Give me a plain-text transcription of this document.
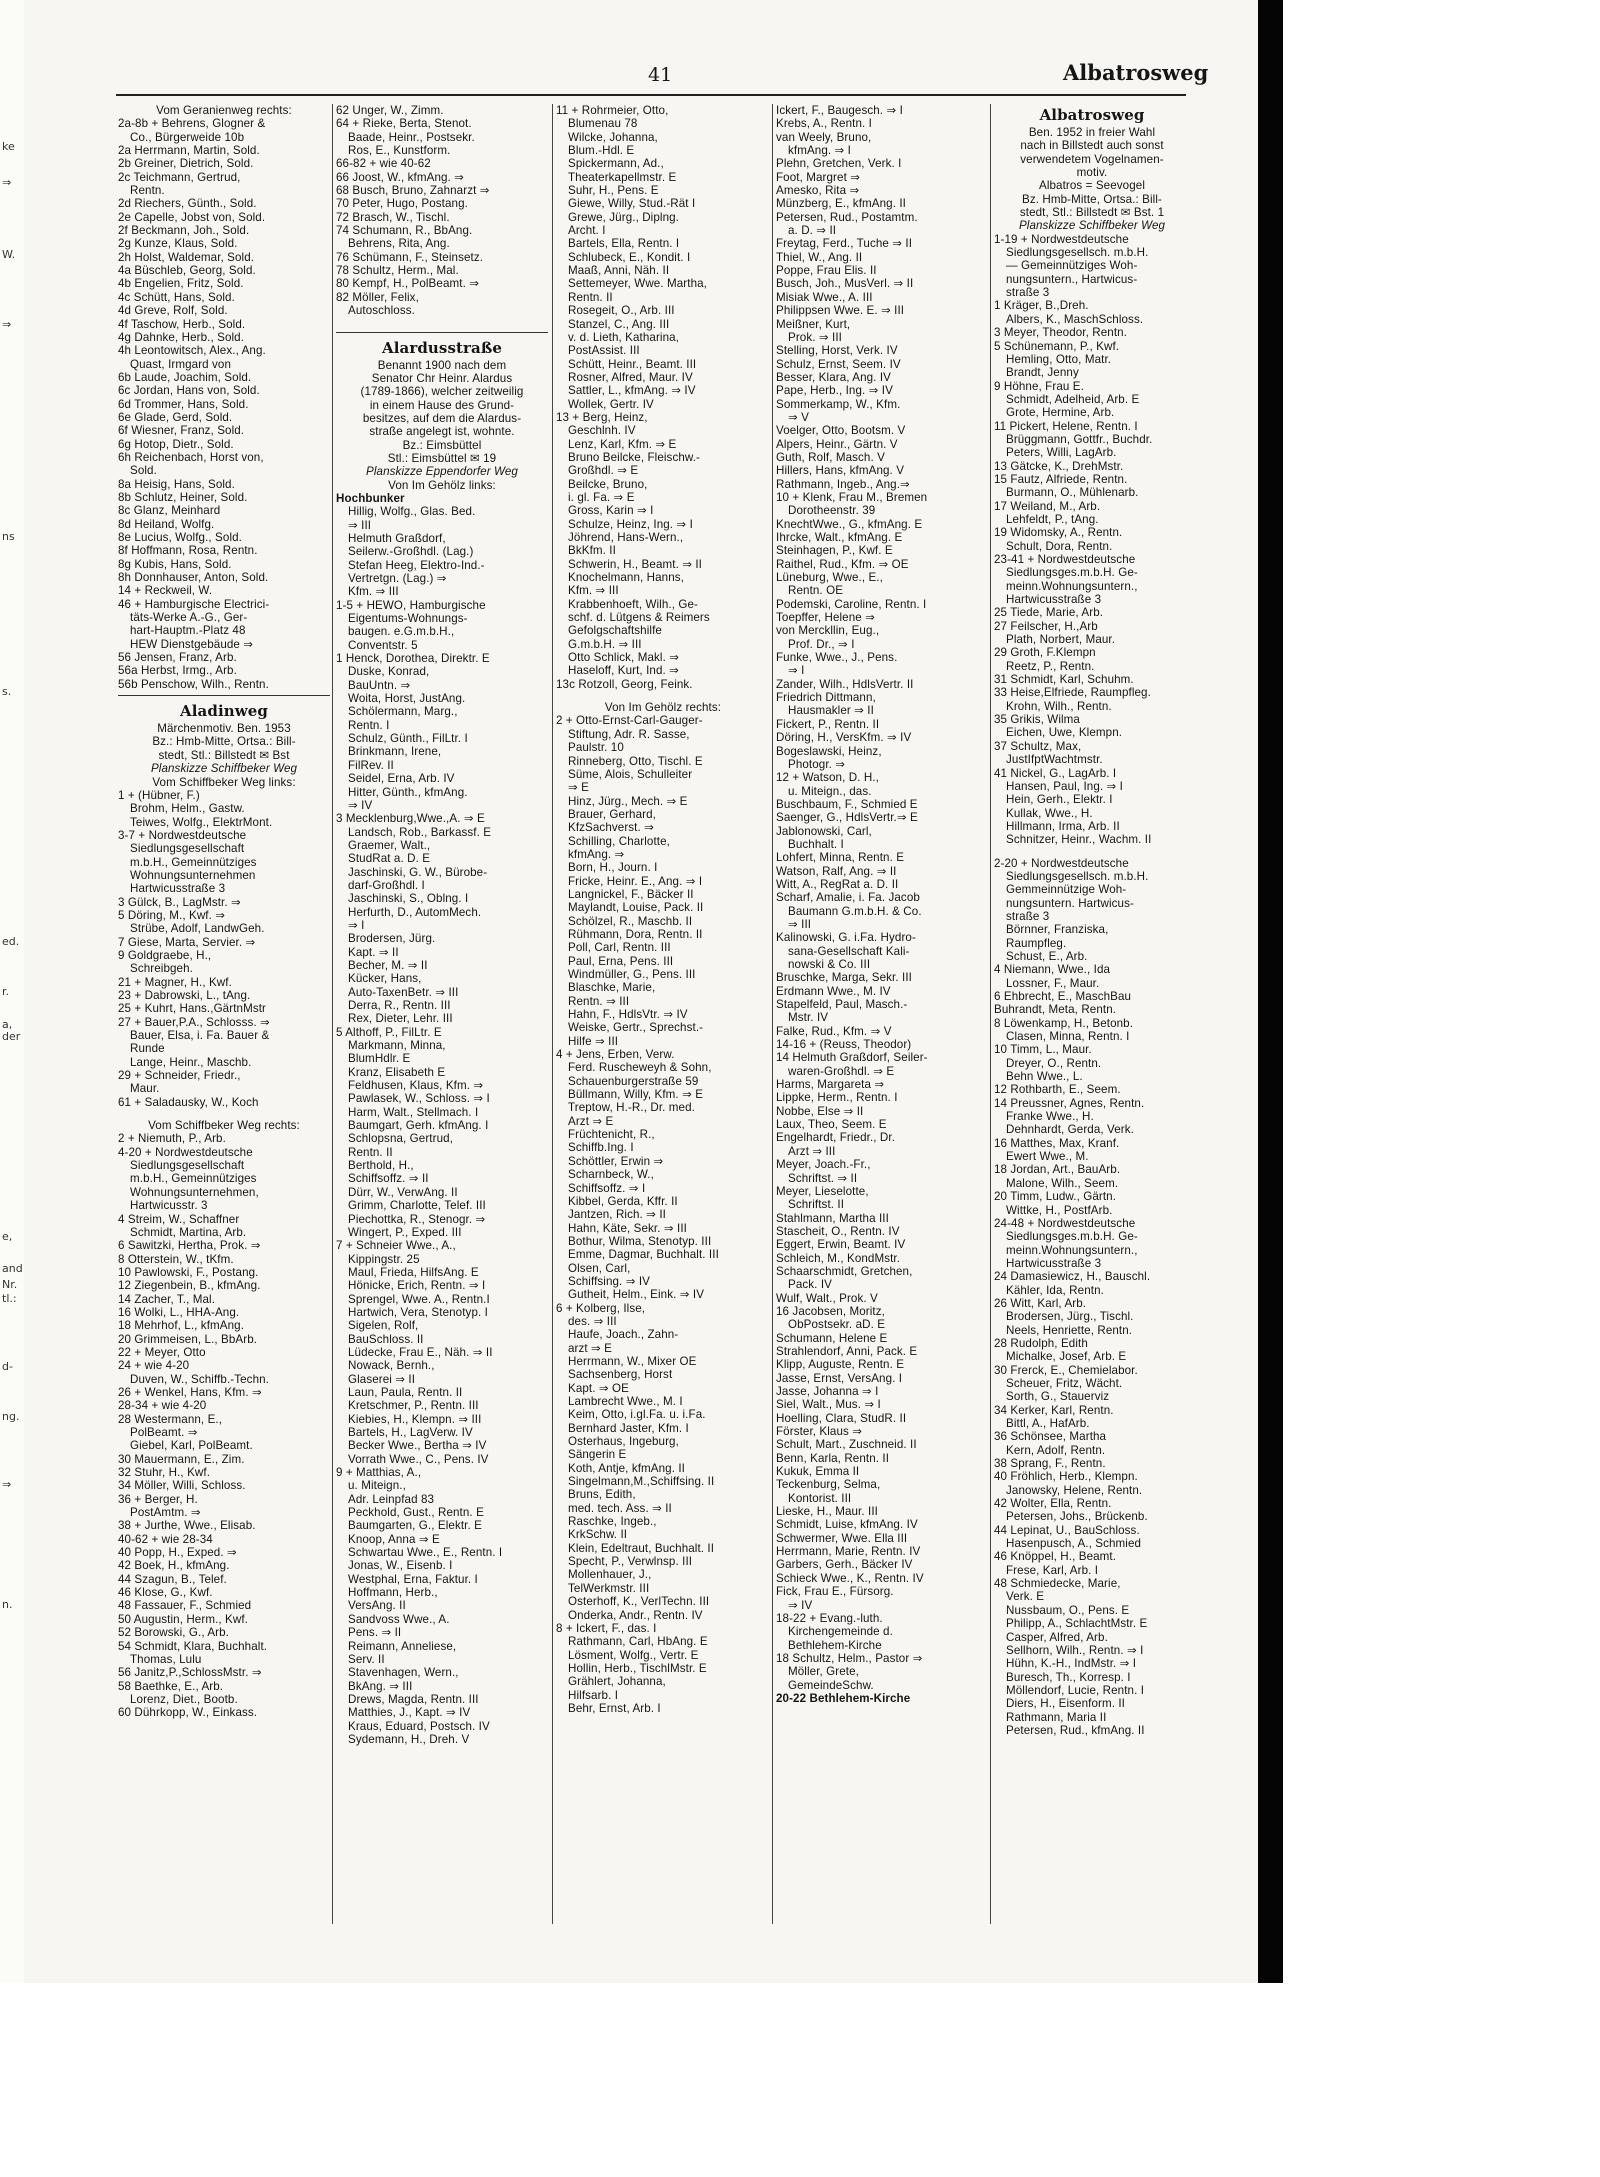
ke
⇒
W.
⇒
ns
s.
ed.
r.
a,
der
e,
and
Nr.
tl.:
d-
ng.
⇒
n.
41	Albatrosweg
Vom Geranienweg rechts:
2a-8b + Behrens, Glogner &
Co., Bürgerweide 10b
2a Herrmann, Martin, Sold.
2b Greiner, Dietrich, Sold.
2c Teichmann, Gertrud,
Rentn.
2d Riechers, Günth., Sold.
2e Capelle, Jobst von, Sold.
2f Beckmann, Joh., Sold.
2g Kunze, Klaus, Sold.
2h Holst, Waldemar, Sold.
4a Büschleb, Georg, Sold.
4b Engelien, Fritz, Sold.
4c Schütt, Hans, Sold.
4d Greve, Rolf, Sold.
4f Taschow, Herb., Sold.
4g Dahnke, Herb., Sold.
4h Leontowitsch, Alex., Ang.
Quast, Irmgard von
6b Laude, Joachim, Sold.
6c Jordan, Hans von, Sold.
6d Trommer, Hans, Sold.
6e Glade, Gerd, Sold.
6f Wiesner, Franz, Sold.
6g Hotop, Dietr., Sold.
6h Reichenbach, Horst von,
Sold.
8a Heisig, Hans, Sold.
8b Schlutz, Heiner, Sold.
8c Glanz, Meinhard
8d Heiland, Wolfg.
8e Lucius, Wolfg., Sold.
8f Hoffmann, Rosa, Rentn.
8g Kubis, Hans, Sold.
8h Donnhauser, Anton, Sold.
14 + Reckweil, W.
46 + Hamburgische Electrici-
täts-Werke A.-G., Ger-
hart-Hauptm.-Platz 48
HEW Dienstgebäude ⇒
56 Jensen, Franz, Arb.
56a Herbst, Irmg., Arb.
56b Penschow, Wilh., Rentn.
Aladinweg
Märchenmotiv. Ben. 1953
Bz.: Hmb-Mitte, Ortsa.: Bill-
stedt, Stl.: Billstedt ✉ Bst
Planskizze Schiffbeker Weg
Vom Schiffbeker Weg links:
1 + (Hübner, F.)
Brohm, Helm., Gastw.
Teiwes, Wolfg., ElektrMont.
3-7 + Nordwestdeutsche
Siedlungsgesellschaft
m.b.H., Gemeinnütziges
Wohnungsunternehmen
Hartwicusstraße 3
3 Gülck, B., LagMstr. ⇒
5 Döring, M., Kwf. ⇒
Strübe, Adolf, LandwGeh.
7 Giese, Marta, Servier. ⇒
9 Goldgraebe, H.,
Schreibgeh.
21 + Magner, H., Kwf.
23 + Dabrowski, L., tAng.
25 + Kuhrt, Hans.,GärtnMstr
27 + Bauer,P.A., Schlosss. ⇒
Bauer, Elsa, i. Fa. Bauer &
Runde
Lange, Heinr., Maschb.
29 + Schneider, Friedr.,
Maur.
61 + Saladausky, W., Koch
Vom Schiffbeker Weg rechts:
2 + Niemuth, P., Arb.
4-20 + Nordwestdeutsche
Siedlungsgesellschaft
m.b.H., Gemeinnütziges
Wohnungsunternehmen,
Hartwicusstr. 3
4 Streim, W., Schaffner
Schmidt, Martina, Arb.
6 Sawitzki, Hertha, Prok. ⇒
8 Otterstein, W., tKfm.
10 Pawlowski, F., Postang.
12 Ziegenbein, B., kfmAng.
14 Zacher, T., Mal.
16 Wolki, L., HHA-Ang.
18 Mehrhof, L., kfmAng.
20 Grimmeisen, L., BbArb.
22 + Meyer, Otto
24 + wie 4-20
Duven, W., Schiffb.-Techn.
26 + Wenkel, Hans, Kfm. ⇒
28-34 + wie 4-20
28 Westermann, E.,
PolBeamt. ⇒
Giebel, Karl, PolBeamt.
30 Mauermann, E., Zim.
32 Stuhr, H., Kwf.
34 Möller, Willi, Schloss.
36 + Berger, H.
PostAmtm. ⇒
38 + Jurthe, Wwe., Elisab.
40-62 + wie 28-34
40 Popp, H., Exped. ⇒
42 Boek, H., kfmAng.
44 Szagun, B., Telef.
46 Klose, G., Kwf.
48 Fassauer, F., Schmied
50 Augustin, Herm., Kwf.
52 Borowski, G., Arb.
54 Schmidt, Klara, Buchhalt.
Thomas, Lulu
56 Janitz,P.,SchlossMstr. ⇒
58 Baethke, E., Arb.
Lorenz, Diet., Bootb.
60 Dührkopp, W., Einkass.
62 Unger, W., Zimm.
64 + Rieke, Berta, Stenot.
Baade, Heinr., Postsekr.
Ros, E., Kunstform.
66-82 + wie 40-62
66 Joost, W., kfmAng. ⇒
68 Busch, Bruno, Zahnarzt ⇒
70 Peter, Hugo, Postang.
72 Brasch, W., Tischl.
74 Schumann, R., BbAng.
Behrens, Rita, Ang.
76 Schümann, F., Steinsetz.
78 Schultz, Herm., Mal.
80 Kempf, H., PolBeamt. ⇒
82 Möller, Felix,
Autoschloss.
Alardusstraße
Benannt 1900 nach dem
Senator Chr Heinr. Alardus
(1789-1866), welcher zeitweilig
in einem Hause des Grund-
besitzes, auf dem die Alardus-
straße angelegt ist, wohnte.
Bz.: Eimsbüttel
Stl.: Eimsbüttel ✉ 19
Planskizze Eppendorfer Weg
Von Im Gehölz links:
Hochbunker
Hillig, Wolfg., Glas. Bed.
⇒ III
Helmuth Graßdorf,
Seilerw.-Großhdl. (Lag.)
Stefan Heeg, Elektro-Ind.-
Vertretgn. (Lag.) ⇒
Kfm. ⇒ III
1-5 + HEWO, Hamburgische
Eigentums-Wohnungs-
baugen. e.G.m.b.H.,
Conventstr. 5
1 Henck, Dorothea, Direktr. E
Duske, Konrad,
BauUntn. ⇒
Woita, Horst, JustAng.
Schölermann, Marg.,
Rentn. I
Schulz, Günth., FilLtr. I
Brinkmann, Irene,
FilRev. II
Seidel, Erna, Arb. IV
Hitter, Günth., kfmAng.
⇒ IV
3 Mecklenburg,Wwe.,A. ⇒ E
Landsch, Rob., Barkassf. E
Graemer, Walt.,
StudRat a. D. E
Jaschinski, G. W., Bürobe-
darf-Großhdl. I
Jaschinski, S., Oblng. I
Herfurth, D., AutomMech.
⇒ I
Brodersen, Jürg.
Kapt. ⇒ II
Becher, M. ⇒ II
Kücker, Hans,
Auto-TaxenBetr. ⇒ III
Derra, R., Rentn. III
Rex, Dieter, Lehr. III
5 Althoff, P., FilLtr. E
Markmann, Minna,
BlumHdlr. E
Kranz, Elisabeth E
Feldhusen, Klaus, Kfm. ⇒
Pawlasek, W., Schloss. ⇒ I
Harm, Walt., Stellmach. I
Baumgart, Gerh. kfmAng. I
Schlopsna, Gertrud,
Rentn. II
Berthold, H.,
Schiffsoffz. ⇒ II
Dürr, W., VerwAng. II
Grimm, Charlotte, Telef. III
Piechottka, R., Stenogr. ⇒
Wingert, P., Exped. III
7 + Schneier Wwe., A.,
Kippingstr. 25
Maul, Frieda, HilfsAng. E
Hönicke, Erich, Rentn. ⇒ I
Sprengel, Wwe. A., Rentn.I
Hartwich, Vera, Stenotyp. I
Sigelen, Rolf,
BauSchloss. II
Lüdecke, Frau E., Näh. ⇒ II
Nowack, Bernh.,
Glaserei ⇒ II
Laun, Paula, Rentn. II
Kretschmer, P., Rentn. III
Kiebies, H., Klempn. ⇒ III
Bartels, H., LagVerw. IV
Becker Wwe., Bertha ⇒ IV
Vorrath Wwe., C., Pens. IV
9 + Matthias, A.,
u. Miteign.,
Adr. Leinpfad 83
Peckhold, Gust., Rentn. E
Baumgarten, G., Elektr. E
Knoop, Anna ⇒ E
Schwartau Wwe., E., Rentn. I
Jonas, W., Eisenb. I
Westphal, Erna, Faktur. I
Hoffmann, Herb.,
VersAng. II
Sandvoss Wwe., A.
Pens. ⇒ II
Reimann, Anneliese,
Serv. II
Stavenhagen, Wern.,
BkAng. ⇒ III
Drews, Magda, Rentn. III
Matthies, J., Kapt. ⇒ IV
Kraus, Eduard, Postsch. IV
Sydemann, H., Dreh. V
11 + Rohrmeier, Otto,
Blumenau 78
Wilcke, Johanna,
Blum.-Hdl. E
Spickermann, Ad.,
Theaterkapellmstr. E
Suhr, H., Pens. E
Giewe, Willy, Stud.-Rät I
Grewe, Jürg., Diplng.
Archt. I
Bartels, Ella, Rentn. I
Schlubeck, E., Kondit. I
Maaß, Anni, Näh. II
Settemeyer, Wwe. Martha,
Rentn. II
Rosegeit, O., Arb. III
Stanzel, C., Ang. III
v. d. Lieth, Katharina,
PostAssist. III
Schütt, Heinr., Beamt. III
Rosner, Alfred, Maur. IV
Sattler, L., kfmAng. ⇒ IV
Wollek, Gertr. IV
13 + Berg, Heinz,
Geschlnh. IV
Lenz, Karl, Kfm. ⇒ E
Bruno Beilcke, Fleischw.-
Großhdl. ⇒ E
Beilcke, Bruno,
i. gl. Fa. ⇒ E
Gross, Karin ⇒ I
Schulze, Heinz, Ing. ⇒ I
Jöhrend, Hans-Wern.,
BkKfm. II
Schwerin, H., Beamt. ⇒ II
Knochelmann, Hanns,
Kfm. ⇒ III
Krabbenhoeft, Wilh., Ge-
schf. d. Lütgens & Reimers
Gefolgschaftshilfe
G.m.b.H. ⇒ III
Otto Schlick, Makl. ⇒
Haseloff, Kurt, Ind. ⇒
13c Rotzoll, Georg, Feink.
Von Im Gehölz rechts:
2 + Otto-Ernst-Carl-Gauger-
Stiftung, Adr. R. Sasse,
Paulstr. 10
Rinneberg, Otto, Tischl. E
Süme, Alois, Schulleiter
⇒ E
Hinz, Jürg., Mech. ⇒ E
Brauer, Gerhard,
KfzSachverst. ⇒
Schilling, Charlotte,
kfmAng. ⇒
Born, H., Journ. I
Fricke, Heinr. E., Ang. ⇒ I
Langnickel, F., Bäcker II
Maylandt, Louise, Pack. II
Schölzel, R., Maschb. II
Rühmann, Dora, Rentn. II
Poll, Carl, Rentn. III
Paul, Erna, Pens. III
Windmüller, G., Pens. III
Blaschke, Marie,
Rentn. ⇒ III
Hahn, F., HdlsVtr. ⇒ IV
Weiske, Gertr., Sprechst.-
Hilfe ⇒ III
4 + Jens, Erben, Verw.
Ferd. Ruscheweyh & Sohn,
Schauenburgerstraße 59
Büllmann, Willy, Kfm. ⇒ E
Treptow, H.-R., Dr. med.
Arzt ⇒ E
Früchtenicht, R.,
Schiffb.Ing. I
Schöttler, Erwin ⇒
Scharnbeck, W.,
Schiffsoffz. ⇒ I
Kibbel, Gerda, Kffr. II
Jantzen, Rich. ⇒ II
Hahn, Käte, Sekr. ⇒ III
Bothur, Wilma, Stenotyp. III
Emme, Dagmar, Buchhalt. III
Olsen, Carl,
Schiffsing. ⇒ IV
Gutheit, Helm., Eink. ⇒ IV
6 + Kolberg, Ilse,
des. ⇒ III
Haufe, Joach., Zahn-
arzt ⇒ E
Herrmann, W., Mixer OE
Sachsenberg, Horst
Kapt. ⇒ OE
Lambrecht Wwe., M. I
Keim, Otto, i.gl.Fa. u. i.Fa.
Bernhard Jaster, Kfm. I
Osterhaus, Ingeburg,
Sängerin E
Koth, Antje, kfmAng. II
Singelmann,M.,Schiffsing. II
Bruns, Edith,
med. tech. Ass. ⇒ II
Raschke, Ingeb.,
KrkSchw. II
Klein, Edeltraut, Buchhalt. II
Specht, P., Verwlnsp. III
Mollenhauer, J.,
TelWerkmstr. III
Osterhoff, K., VerlTechn. III
Onderka, Andr., Rentn. IV
8 + Ickert, F., das. I
Rathmann, Carl, HbAng. E
Lösment, Wolfg., Vertr. E
Hollin, Herb., TischlMstr. E
Grählert, Johanna,
Hilfsarb. I
Behr, Ernst, Arb. I
Ickert, F., Baugesch. ⇒ I
Krebs, A., Rentn. I
van Weely, Bruno,
kfmAng. ⇒ I
Plehn, Gretchen, Verk. I
Foot, Margret ⇒
Amesko, Rita ⇒
Münzberg, E., kfmAng. II
Petersen, Rud., Postamtm.
a. D. ⇒ II
Freytag, Ferd., Tuche ⇒ II
Thiel, W., Ang. II
Poppe, Frau Elis. II
Busch, Joh., MusVerl. ⇒ II
Misiak Wwe., A. III
Philippsen Wwe. E. ⇒ III
Meißner, Kurt,
Prok. ⇒ III
Stelling, Horst, Verk. IV
Schulz, Ernst, Seem. IV
Besser, Klara, Ang. IV
Pape, Herb., Ing. ⇒ IV
Sommerkamp, W., Kfm.
⇒ V
Voelger, Otto, Bootsm. V
Alpers, Heinr., Gärtn. V
Guth, Rolf, Masch. V
Hillers, Hans, kfmAng. V
Rathmann, Ingeb., Ang.⇒
10 + Klenk, Frau M., Bremen
Dorotheenstr. 39
KnechtWwe., G., kfmAng. E
Ihrcke, Walt., kfmAng. E
Steinhagen, P., Kwf. E
Raithel, Rud., Kfm. ⇒ OE
Lüneburg, Wwe., E.,
Rentn. OE
Podemski, Caroline, Rentn. I
Toepffer, Helene ⇒
von Merckllin, Eug.,
Prof. Dr., ⇒ I
Funke, Wwe., J., Pens.
⇒ I
Zander, Wilh., HdlsVertr. II
Friedrich Dittmann,
Hausmakler ⇒ II
Fickert, P., Rentn. II
Döring, H., VersKfm. ⇒ IV
Bogeslawski, Heinz,
Photogr. ⇒
12 + Watson, D. H.,
u. Miteign., das.
Buschbaum, F., Schmied E
Saenger, G., HdlsVertr.⇒ E
Jablonowski, Carl,
Buchhalt. I
Lohfert, Minna, Rentn. E
Watson, Ralf, Ang. ⇒ II
Witt, A., RegRat a. D. II
Scharf, Amalie, i. Fa. Jacob
Baumann G.m.b.H. & Co.
⇒ III
Kalinowski, G. i.Fa. Hydro-
sana-Gesellschaft Kali-
nowski & Co. III
Bruschke, Marga, Sekr. III
Erdmann Wwe., M. IV
Stapelfeld, Paul, Masch.-
Mstr. IV
Falke, Rud., Kfm. ⇒ V
14-16 + (Reuss, Theodor)
14 Helmuth Graßdorf, Seiler-
waren-Großhdl. ⇒ E
Harms, Margareta ⇒
Lippke, Herm., Rentn. I
Nobbe, Else ⇒ II
Laux, Theo, Seem. E
Engelhardt, Friedr., Dr.
Arzt ⇒ III
Meyer, Joach.-Fr.,
Schriftst. ⇒ II
Meyer, Lieselotte,
Schriftst. II
Stahlmann, Martha III
Stascheit, O., Rentn. IV
Eggert, Erwin, Beamt. IV
Schleich, M., KondMstr.
Schaarschmidt, Gretchen,
Pack. IV
Wulf, Walt., Prok. V
16 Jacobsen, Moritz,
ObPostsekr. aD. E
Schumann, Helene E
Strahlendorf, Anni, Pack. E
Klipp, Auguste, Rentn. E
Jasse, Ernst, VersAng. I
Jasse, Johanna ⇒ I
Siel, Walt., Mus. ⇒ I
Hoelling, Clara, StudR. II
Förster, Klaus ⇒
Schult, Mart., Zuschneid. II
Benn, Karla, Rentn. II
Kukuk, Emma II
Teckenburg, Selma,
Kontorist. III
Lieske, H., Maur. III
Schmidt, Luise, kfmAng. IV
Schwermer, Wwe. Ella III
Herrmann, Marie, Rentn. IV
Garbers, Gerh., Bäcker IV
Schieck Wwe., K., Rentn. IV
Fick, Frau E., Fürsorg.
⇒ IV
18-22 + Evang.-luth.
Kirchengemeinde d.
Bethlehem-Kirche
18 Schultz, Helm., Pastor ⇒
Möller, Grete,
GemeindeSchw.
20-22 Bethlehem-Kirche
Albatrosweg
Ben. 1952 in freier Wahl
nach in Billstedt auch sonst
verwendetem Vogelnamen-
motiv.
Albatros = Seevogel
Bz. Hmb-Mitte, Ortsa.: Bill-
stedt, Stl.: Billstedt ✉ Bst. 1
Planskizze Schiffbeker Weg
1-19 + Nordwestdeutsche
Siedlungsgesellsch. m.b.H.
— Gemeinnütziges Woh-
nungsuntern., Hartwicus-
straße 3
1 Kräger, B.,Dreh.
Albers, K., MaschSchloss.
3 Meyer, Theodor, Rentn.
5 Schünemann, P., Kwf.
Hemling, Otto, Matr.
Brandt, Jenny
9 Höhne, Frau E.
Schmidt, Adelheid, Arb. E
Grote, Hermine, Arb.
11 Pickert, Helene, Rentn. I
Brüggmann, Gottfr., Buchdr.
Peters, Willi, LagArb.
13 Gätcke, K., DrehMstr.
15 Fautz, Alfriede, Rentn.
Burmann, O., Mühlenarb.
17 Weiland, M., Arb.
Lehfeldt, P., tAng.
19 Widomsky, A., Rentn.
Schult, Dora, Rentn.
23-41 + Nordwestdeutsche
Siedlungsges.m.b.H. Ge-
meinn.Wohnungsuntern.,
Hartwicusstraße 3
25 Tiede, Marie, Arb.
27 Feilscher, H.,Arb
Plath, Norbert, Maur.
29 Groth, F.Klempn
Reetz, P., Rentn.
31 Schmidt, Karl, Schuhm.
33 Heise,Elfriede, Raumpfleg.
Krohn, Wilh., Rentn.
35 Grikis, Wilma
Eichen, Uwe, Klempn.
37 Schultz, Max,
JustIfptWachtmstr.
41 Nickel, G., LagArb. I
Hansen, Paul, Ing. ⇒ I
Hein, Gerh., Elektr. I
Kullak, Wwe., H.
Hillmann, Irma, Arb. II
Schnitzer, Heinr., Wachm. II
2-20 + Nordwestdeutsche
Siedlungsgesellsch. m.b.H.
Gemmeinnützige Woh-
nungsuntern. Hartwicus-
straße 3
Börnner, Franziska,
Raumpfleg.
Schust, E., Arb.
4 Niemann, Wwe., Ida
Lossner, F., Maur.
6 Ehbrecht, E., MaschBau
Buhrandt, Meta, Rentn.
8 Löwenkamp, H., Betonb.
Clasen, Minna, Rentn. I
10 Timm, L., Maur.
Dreyer, O., Rentn.
Behn Wwe., L.
12 Rothbarth, E., Seem.
14 Preussner, Agnes, Rentn.
Franke Wwe., H.
Dehnhardt, Gerda, Verk.
16 Matthes, Max, Kranf.
Ewert Wwe., M.
18 Jordan, Art., BauArb.
Malone, Wilh., Seem.
20 Timm, Ludw., Gärtn.
Wittke, H., PostfArb.
24-48 + Nordwestdeutsche
Siedlungsges.m.b.H. Ge-
meinn.Wohnungsuntern.,
Hartwicusstraße 3
24 Damasiewicz, H., Bauschl.
Kähler, Ida, Rentn.
26 Witt, Karl, Arb.
Brodersen, Jürg., Tischl.
Neels, Henriette, Rentn.
28 Rudolph, Edith
Michalke, Josef, Arb. E
30 Frerck, E., Chemielabor.
Scheuer, Fritz, Wächt.
Sorth, G., Stauerviz
34 Kerker, Karl, Rentn.
Bittl, A., HafArb.
36 Schönsee, Martha
Kern, Adolf, Rentn.
38 Sprang, F., Rentn.
40 Fröhlich, Herb., Klempn.
Janowsky, Helene, Rentn.
42 Wolter, Ella, Rentn.
Petersen, Johs., Brückenb.
44 Lepinat, U., BauSchloss.
Hasenpusch, A., Schmied
46 Knöppel, H., Beamt.
Frese, Karl, Arb. I
48 Schmiedecke, Marie,
Verk. E
Nussbaum, O., Pens. E
Philipp, A., SchlachtMstr. E
Casper, Alfred, Arb.
Sellhorn, Wilh., Rentn. ⇒ I
Hühn, K.-H., IndMstr. ⇒ I
Buresch, Th., Korresp. I
Möllendorf, Lucie, Rentn. I
Diers, H., Eisenform. II
Rathmann, Maria II
Petersen, Rud., kfmAng. II
